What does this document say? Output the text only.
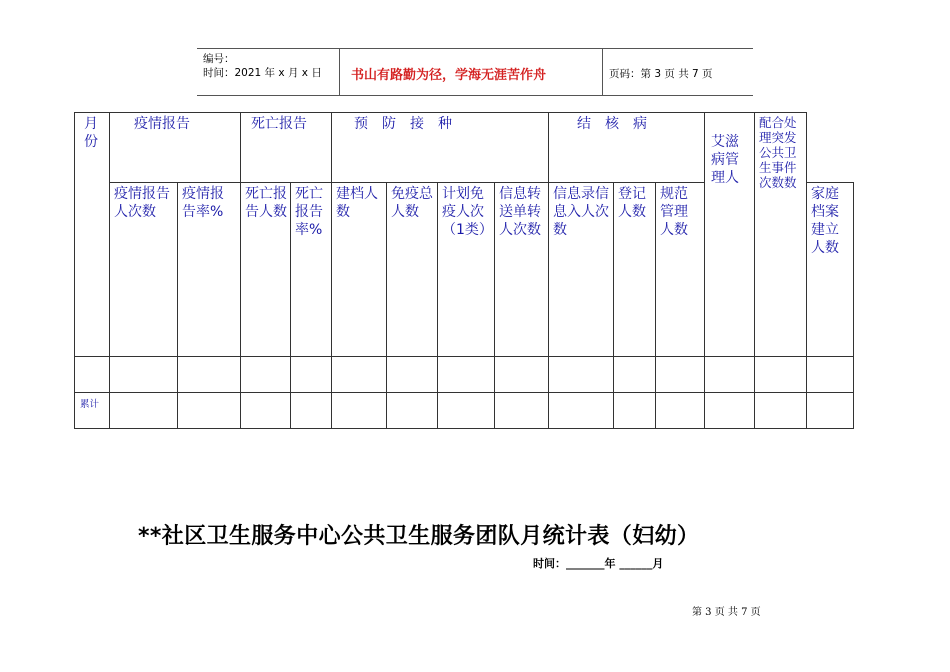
编号：
时间：2021 年 x 月 x 日 书山有路勤为径，学海无涯苦作舟	页码：第 3 页 共 7 页
月份	疫情报告		死亡报告		预　防　接　种				结　核　病			艾滋病管理人	配合处理突发公共卫生事件次数数	

	疫情报告　人次数	疫情报告率%	死亡报告人数	死亡报告率%	建档人数	免疫总人数	计划免疫人次（1类）	信息转送单转人次数	信息录信息入人次数	登记人数	规范管理人数			家庭档案建立人数

累计														

**社区卫生服务中心公共卫生服务团队月统计表（妇幼）
时间：_______年 ______月
第 3 页 共 7 页
